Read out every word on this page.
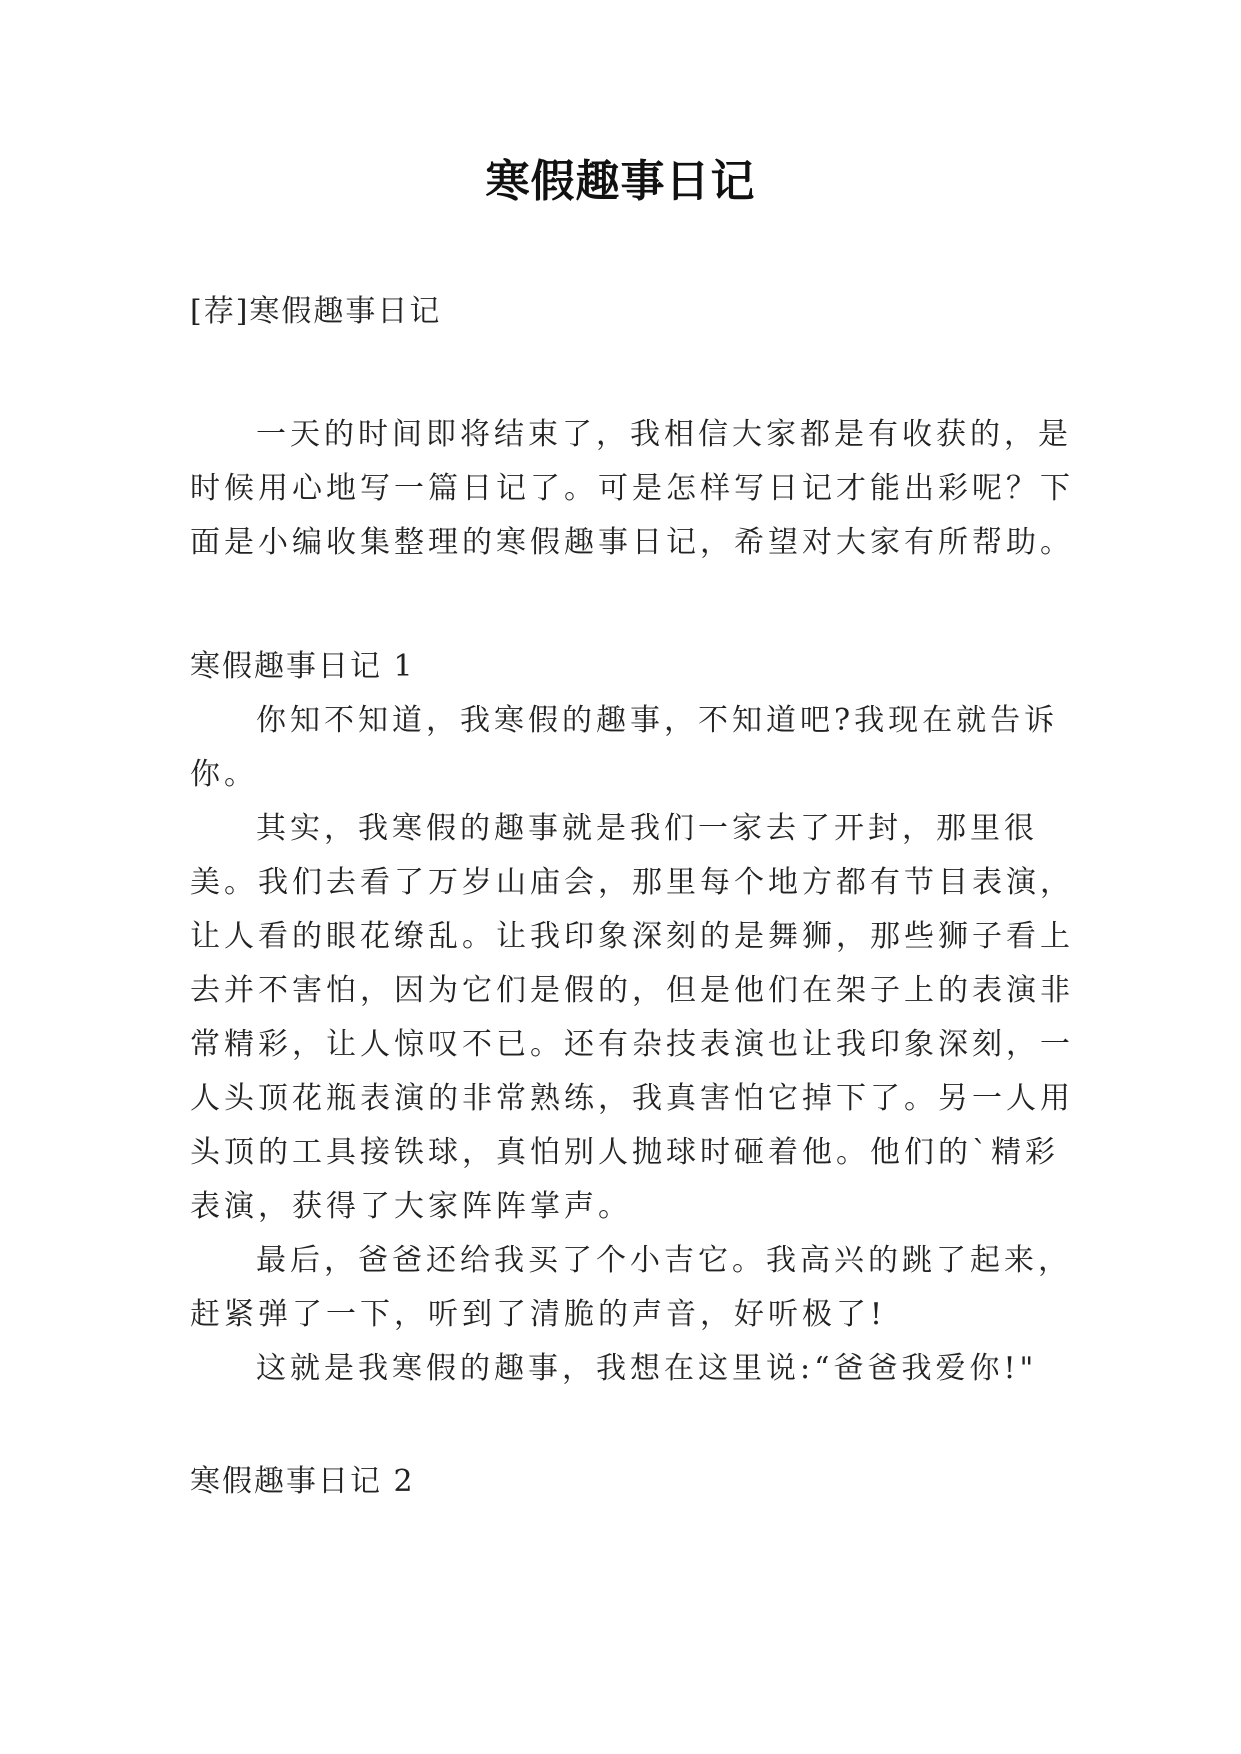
寒假趣事日记
[荐]寒假趣事日记

一天的时间即将结束了，我相信大家都是有收获的，是时候用心地写一篇日记了。可是怎样写日记才能出彩呢？下面是小编收集整理的寒假趣事日记，希望对大家有所帮助。

寒假趣事日记 1

你知不知道，我寒假的趣事，不知道吧?我现在就告诉你。

其实，我寒假的趣事就是我们一家去了开封，那里很美。我们去看了万岁山庙会，那里每个地方都有节目表演，让人看的眼花缭乱。让我印象深刻的是舞狮，那些狮子看上去并不害怕，因为它们是假的，但是他们在架子上的表演非常精彩，让人惊叹不已。还有杂技表演也让我印象深刻，一人头顶花瓶表演的非常熟练，我真害怕它掉下了。另一人用头顶的工具接铁球，真怕别人抛球时砸着他。他们的`精彩表演，获得了大家阵阵掌声。

最后，爸爸还给我买了个小吉它。我高兴的跳了起来，赶紧弹了一下，听到了清脆的声音，好听极了!

这就是我寒假的趣事，我想在这里说:“爸爸我爱你!"

寒假趣事日记 2
